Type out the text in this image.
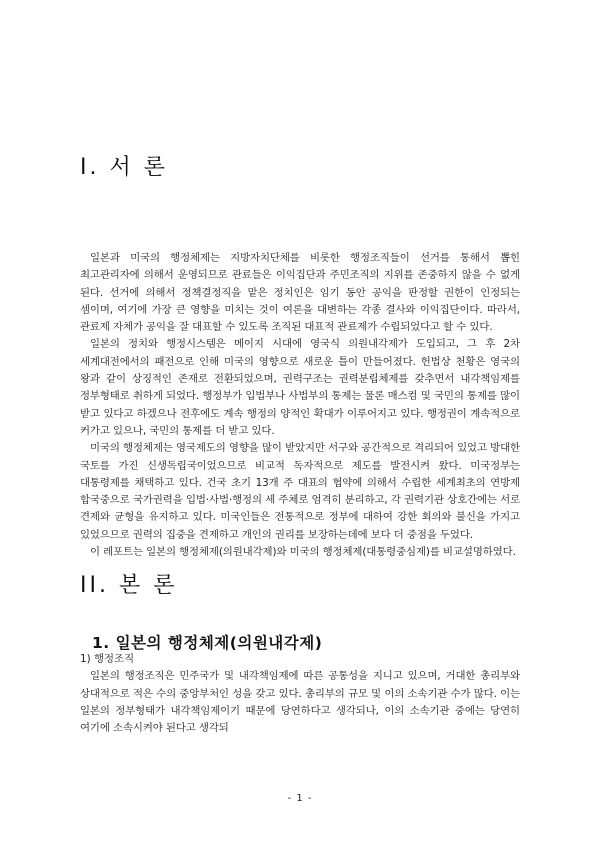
I. 서 론

일본과 미국의 행정체제는 지방자치단체를 비롯한 행정조직들이 선거를 통해서 뽑힌 최고관리자에 의해서 운영되므로 관료들은 이익집단과 주민조직의 지위를 존중하지 않을 수 없게 된다. 선거에 의해서 정책결정직을 맡은 정치인은 임기 동안 공익을 판정할 권한이 인정되는 셈이며, 여기에 가장 큰 영향을 미치는 것이 여론을 대변하는 각종 결사와 이익집단이다. 따라서, 관료제 자체가 공익을 잘 대표할 수 있도록 조직된 대표적 관료제가 수립되었다고 할 수 있다.

일본의 정치와 행정시스템은 메이지 시대에 영국식 의원내각제가 도입되고, 그 후 2차 세계대전에서의 패전으로 인해 미국의 영향으로 새로운 틀이 만들어졌다. 헌법상 천황은 영국의 왕과 같이 상징적인 존재로 전환되었으며, 권력구조는 권력분립체제를 갖추면서 내각책임제를 정부형태로 취하게 되었다. 행정부가 입법부나 사법부의 통제는 물론 매스컴 및 국민의 통제를 많이 받고 있다고 하겠으나 전후에도 계속 행정의 양적인 확대가 이루어지고 있다. 행정권이 계속적으로 커가고 있으나, 국민의 통제를 더 받고 있다.

미국의 행정체제는 영국제도의 영향을 많이 받았지만 서구와 공간적으로 격리되어 있었고 방대한 국토를 가진 신생독립국이었으므로 비교적 독자적으로 제도를 발전시켜 왔다. 미국정부는 대통령제를 채택하고 있다. 건국 초기 13개 주 대표의 협약에 의해서 수립한 세계최초의 연방제 합국중으로 국가권력을 입법·사법·행정의 세 주체로 엄격히 분리하고, 각 권력기관 상호간에는 서로 견제와 균형을 유지하고 있다. 미국인들은 전통적으로 정부에 대하여 강한 회의와 불신을 가지고 있었으므로 권력의 집중을 견제하고 개인의 권리를 보장하는데에 보다 더 중점을 두었다.

이 레포트는 일본의 행정체제(의원내각제)와 미국의 행정체제(대통령중심제)를 비교설명하였다.

II. 본 론
1. 일본의 행정체제(의원내각제)

1) 행정조직

일본의 행정조직은 민주국가 및 내각책임제에 따른 공통성을 지니고 있으며, 거대한 총리부와 상대적으로 적은 수의 중앙부처인 성을 갖고 있다. 총리부의 규모 및 이의 소속기관 수가 많다. 이는 일본의 정부형태가 내각책임제이기 때문에 당연하다고 생각되나, 이의 소속기관 중에는 당연히 여기에 소속시켜야 된다고 생각되

- 1 -
